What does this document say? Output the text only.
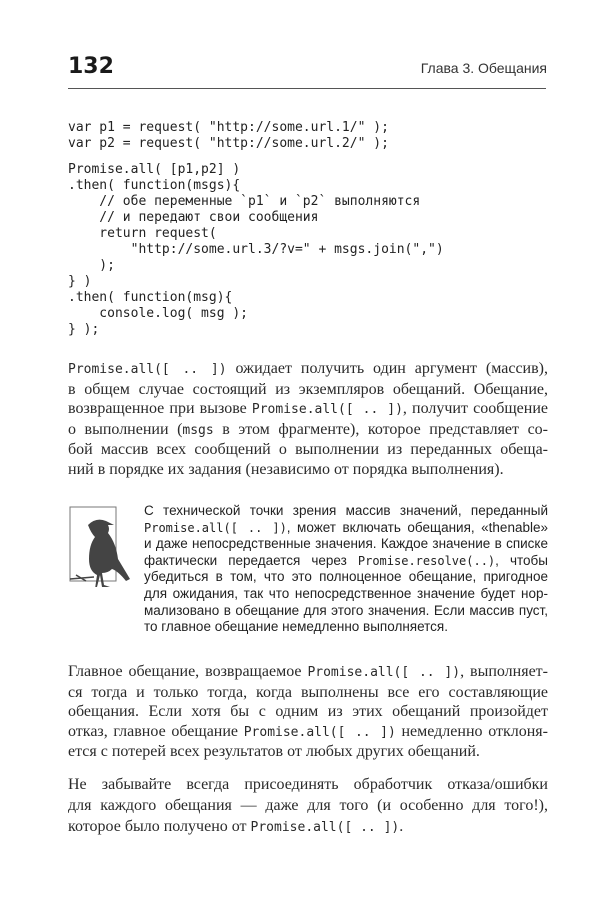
132	Глава 3. Обещания
var p1 = request( "http://some.url.1/" );
var p2 = request( "http://some.url.2/" );
Promise.all( [p1,p2] )
.then( function(msgs){
// обе переменные `p1` и `p2` выполняются
// и передают свои сообщения
return request(
"http://some.url.3/?v=" + msgs.join(",")
);
} )
.then( function(msg){
console.log( msg );
} );
Promise.all([ .. ]) ожидает получить один аргумент (массив),
в общем случае состоящий из экземпляров обещаний. Обещание,
возвращенное при вызове Promise.all([ .. ]), получит сообщение
о выполнении (msgs в этом фрагменте), которое представляет со-
бой массив всех сообщений о выполнении из переданных обеща-
ний в порядке их задания (независимо от порядка выполнения).
С технической точки зрения массив значений, переданный
Promise.all([ .. ]), может включать обещания, «thenable»
и даже непосредственные значения. Каждое значение в списке
фактически передается через Promise.resolve(..), чтобы
убедиться в том, что это полноценное обещание, пригодное
для ожидания, так что непосредственное значение будет нор-
мализовано в обещание для этого значения. Если массив пуст,
то главное обещание немедленно выполняется.
Главное обещание, возвращаемое Promise.all([ .. ]), выполняет-
ся тогда и только тогда, когда выполнены все его составляющие
обещания. Если хотя бы с одним из этих обещаний произойдет
отказ, главное обещание Promise.all([ .. ]) немедленно отклоня-
ется с потерей всех результатов от любых других обещаний.
Не забывайте всегда присоединять обработчик отказа/ошибки
для каждого обещания — даже для того (и особенно для того!),
которое было получено от Promise.all([ .. ]).
